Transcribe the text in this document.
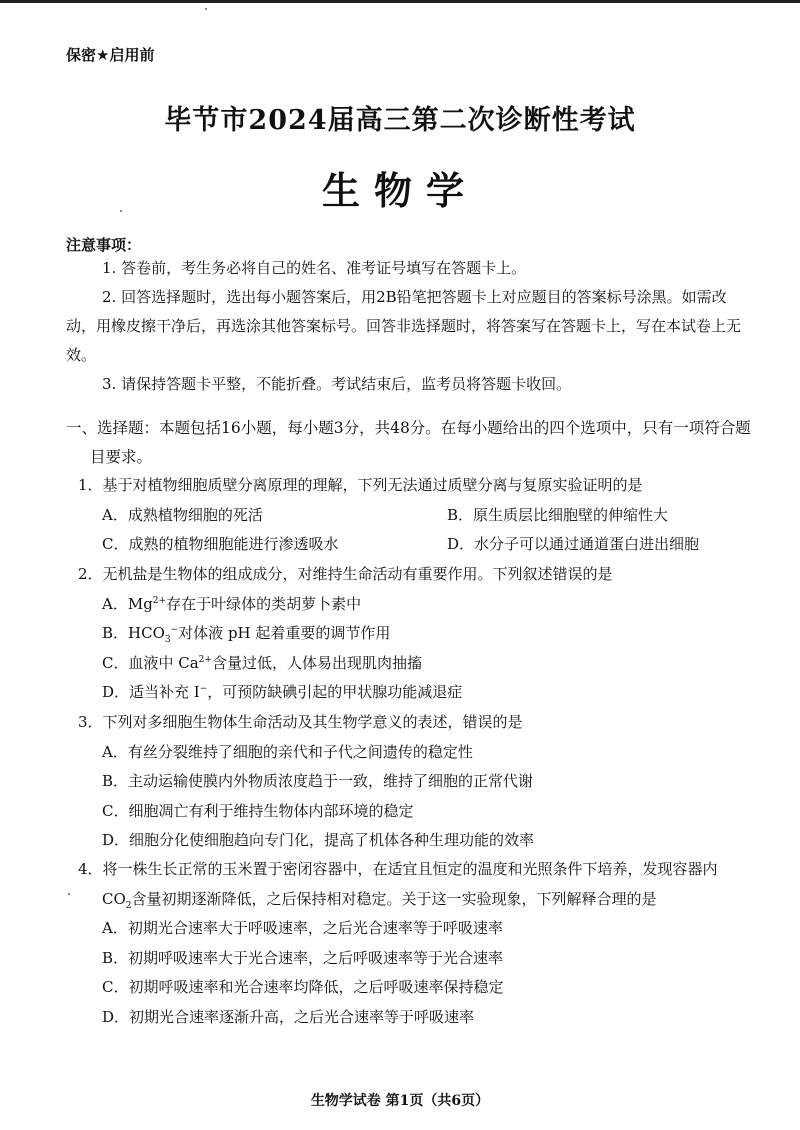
保密★启用前
毕节市2024届高三第二次诊断性考试
生物学
注意事项：
1. 答卷前，考生务必将自己的姓名、准考证号填写在答题卡上。
2. 回答选择题时，选出每小题答案后，用2B铅笔把答题卡上对应题目的答案标号涂黑。如需改动，用橡皮擦干净后，再选涂其他答案标号。回答非选择题时，将答案写在答题卡上，写在本试卷上无效。
3. 请保持答题卡平整，不能折叠。考试结束后，监考员将答题卡收回。
一、选择题：本题包括16小题，每小题3分，共48分。在每小题给出的四个选项中，只有一项符合题目要求。
1．基于对植物细胞质壁分离原理的理解，下列无法通过质壁分离与复原实验证明的是
A．成熟植物细胞的死活	B．原生质层比细胞壁的伸缩性大
C．成熟的植物细胞能进行渗透吸水	D．水分子可以通过通道蛋白进出细胞
2．无机盐是生物体的组成成分，对维持生命活动有重要作用。下列叙述错误的是
A．$Mg^{2+}$存在于叶绿体的类胡萝卜素中
B．$HCO_3^-$对体液 pH 起着重要的调节作用
C．血液中 $Ca^{2+}$含量过低，人体易出现肌肉抽搐
D．适当补充 I−，可预防缺碘引起的甲状腺功能减退症
3．下列对多细胞生物体生命活动及其生物学意义的表述，错误的是
A．有丝分裂维持了细胞的亲代和子代之间遗传的稳定性
B．主动运输使膜内外物质浓度趋于一致，维持了细胞的正常代谢
C．细胞凋亡有利于维持生物体内部环境的稳定
D．细胞分化使细胞趋向专门化，提高了机体各种生理功能的效率
4．将一株生长正常的玉米置于密闭容器中，在适宜且恒定的温度和光照条件下培养，发现容器内 $CO_2$含量初期逐渐降低，之后保持相对稳定。关于这一实验现象，下列解释合理的是
A．初期光合速率大于呼吸速率，之后光合速率等于呼吸速率
B．初期呼吸速率大于光合速率，之后呼吸速率等于光合速率
C．初期呼吸速率和光合速率均降低，之后呼吸速率保持稳定
D．初期光合速率逐渐升高，之后光合速率等于呼吸速率
生物学试卷 第1页（共6页）
